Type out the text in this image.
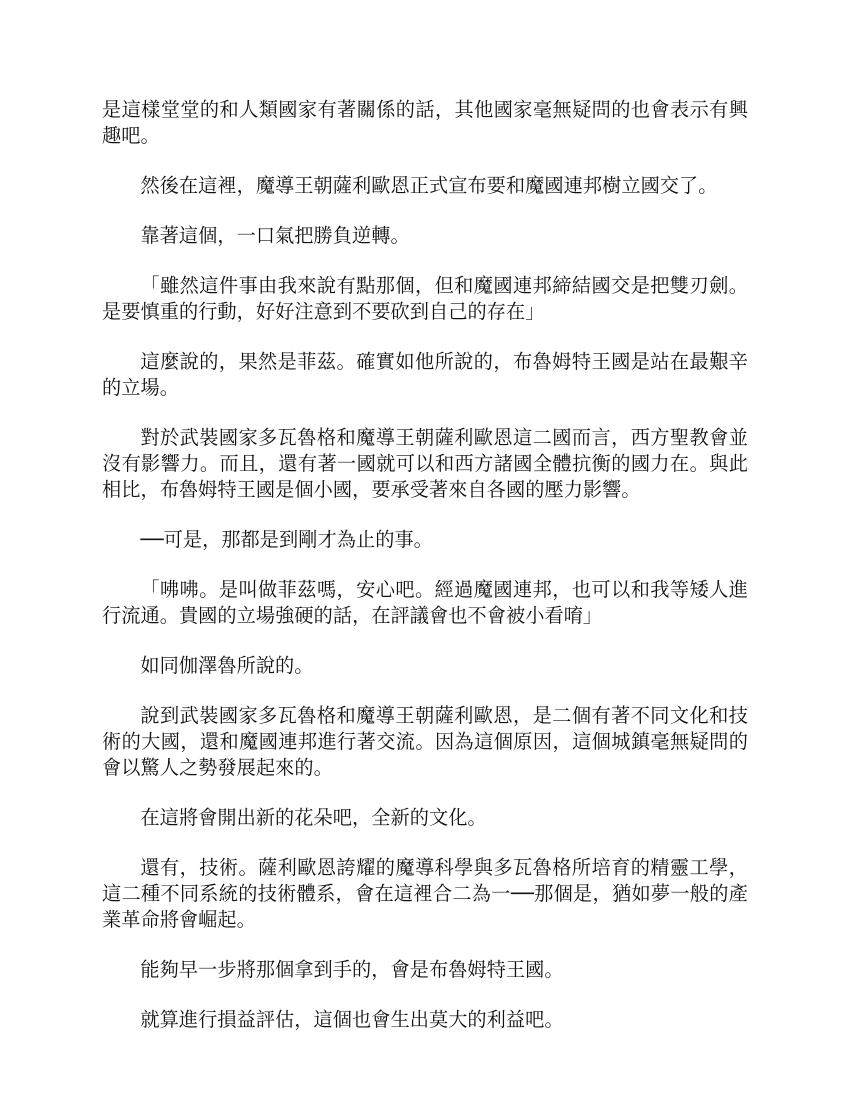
是這樣堂堂的和人類國家有著關係的話，其他國家毫無疑問的也會表示有興趣吧。

然後在這裡，魔導王朝薩利歐恩正式宣布要和魔國連邦樹立國交了。

靠著這個，一口氣把勝負逆轉。

「雖然這件事由我來說有點那個，但和魔國連邦締結國交是把雙刃劍。是要慎重的行動，好好注意到不要砍到自己的存在」

這麼說的，果然是菲茲。確實如他所說的，布魯姆特王國是站在最艱辛的立場。

對於武裝國家多瓦魯格和魔導王朝薩利歐恩這二國而言，西方聖教會並沒有影響力。而且，還有著一國就可以和西方諸國全體抗衡的國力在。與此相比，布魯姆特王國是個小國，要承受著來自各國的壓力影響。

──可是，那都是到剛才為止的事。

「咈咈。是叫做菲茲嗎，安心吧。經過魔國連邦，也可以和我等矮人進行流通。貴國的立場強硬的話，在評議會也不會被小看唷」

如同伽澤魯所說的。

說到武裝國家多瓦魯格和魔導王朝薩利歐恩，是二個有著不同文化和技術的大國，還和魔國連邦進行著交流。因為這個原因，這個城鎮毫無疑問的會以驚人之勢發展起來的。

在這將會開出新的花朵吧，全新的文化。

還有，技術。薩利歐恩誇耀的魔導科學與多瓦魯格所培育的精靈工學，這二種不同系統的技術體系，會在這裡合二為一──那個是，猶如夢一般的產業革命將會崛起。

能夠早一步將那個拿到手的，會是布魯姆特王國。

就算進行損益評估，這個也會生出莫大的利益吧。
